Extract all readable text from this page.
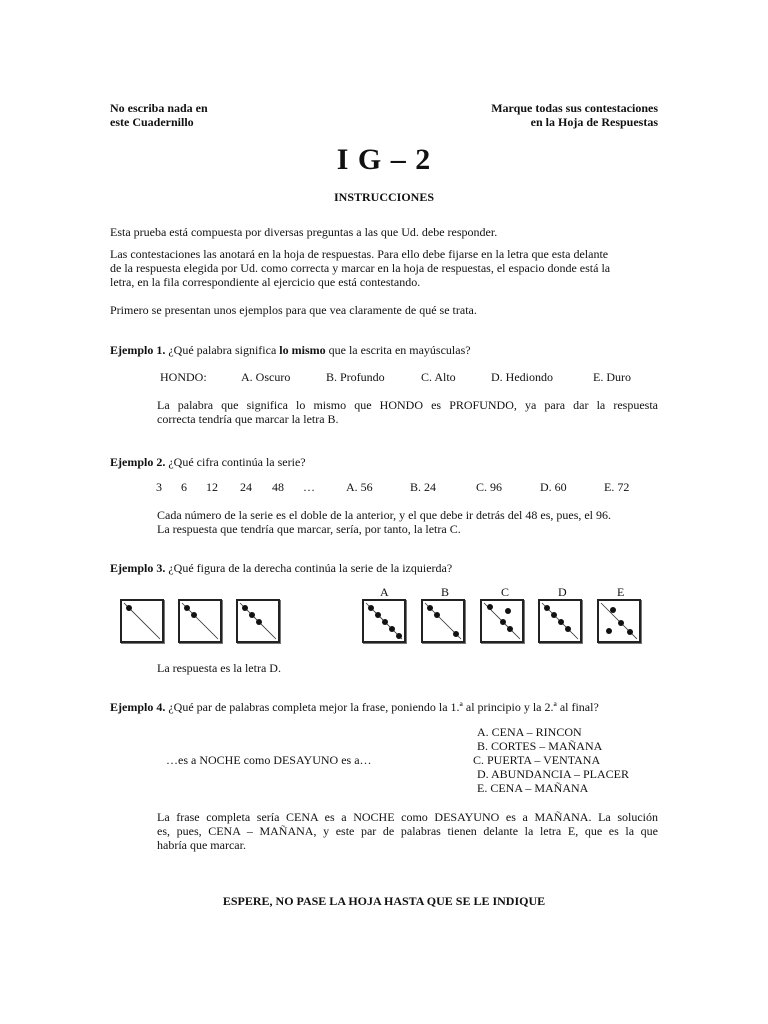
No escriba nada en
este Cuadernillo
Marque todas sus contestaciones
en la Hoja de Respuestas
I G – 2
INSTRUCCIONES
Esta prueba está compuesta por diversas preguntas a las que Ud. debe responder.
Las contestaciones las anotará en la hoja de respuestas. Para ello debe fijarse en la letra que esta delante
de la respuesta elegida por Ud. como correcta y marcar en la hoja de respuestas, el espacio donde está la
letra, en la fila correspondiente al ejercicio que está contestando.
Primero se presentan unos ejemplos para que vea claramente de qué se trata.
Ejemplo 1. ¿Qué palabra significa lo mismo que la escrita en mayúsculas?
HONDO:	A. Oscuro	B. Profundo	C. Alto	D. Hediondo	E. Duro
La palabra que significa lo mismo que HONDO es PROFUNDO, ya para dar la respuesta
correcta tendría que marcar la letra B.
Ejemplo 2. ¿Qué cifra continúa la serie?
3 6 12 24 48 …	A. 56	B. 24	C. 96	D. 60	E. 72
Cada número de la serie es el doble de la anterior, y el que debe ir detrás del 48 es, pues, el 96.
La respuesta que tendría que marcar, sería, por tanto, la letra C.
Ejemplo 3. ¿Qué figura de la derecha continúa la serie de la izquierda?
A	B	C	D	E
La respuesta es la letra D.
Ejemplo 4. ¿Qué par de palabras completa mejor la frase, poniendo la 1.ª al principio y la 2.ª al final?
A. CENA – RINCON
B. CORTES – MAÑANA
C. PUERTA – VENTANA
D. ABUNDANCIA – PLACER
E. CENA – MAÑANA
…es a NOCHE como DESAYUNO es a…
La frase completa sería CENA es a NOCHE como DESAYUNO es a MAÑANA. La solución
es, pues, CENA – MAÑANA, y este par de palabras tienen delante la letra E, que es la que
habría que marcar.
ESPERE, NO PASE LA HOJA HASTA QUE SE LE INDIQUE
